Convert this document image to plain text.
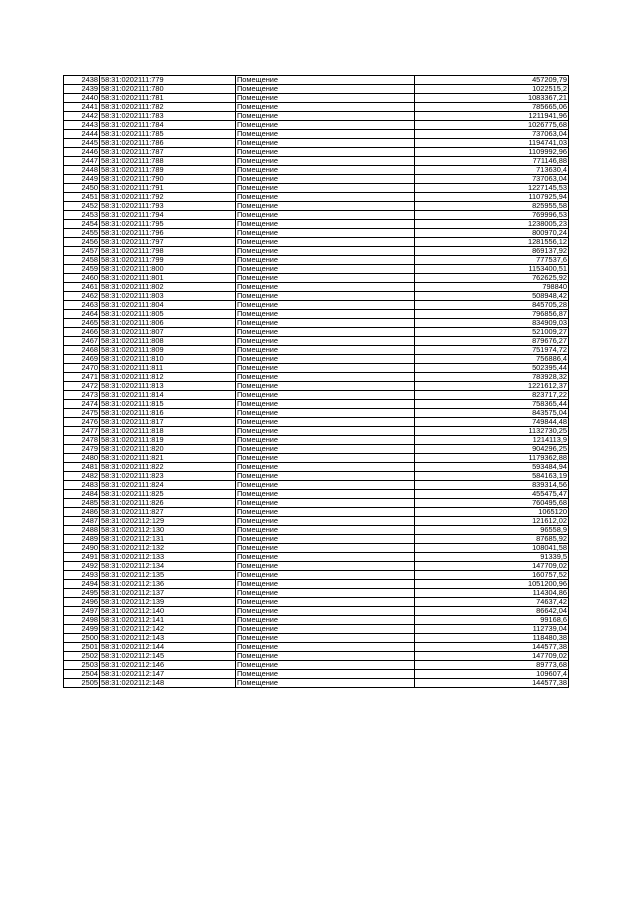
2438	58:31:0202111:779	Помещение	457209,79
2439	58:31:0202111:780	Помещение	1022515,2
2440	58:31:0202111:781	Помещение	1083367,21
2441	58:31:0202111:782	Помещение	785665,06
2442	58:31:0202111:783	Помещение	1211941,96
2443	58:31:0202111:784	Помещение	1026775,68
2444	58:31:0202111:785	Помещение	737063,04
2445	58:31:0202111:786	Помещение	1194741,03
2446	58:31:0202111:787	Помещение	1109992,96
2447	58:31:0202111:788	Помещение	771146,88
2448	58:31:0202111:789	Помещение	713630,4
2449	58:31:0202111:790	Помещение	737063,04
2450	58:31:0202111:791	Помещение	1227145,53
2451	58:31:0202111:792	Помещение	1107925,94
2452	58:31:0202111:793	Помещение	825955,58
2453	58:31:0202111:794	Помещение	769996,53
2454	58:31:0202111:795	Помещение	1238005,23
2455	58:31:0202111:796	Помещение	800970,24
2456	58:31:0202111:797	Помещение	1281556,12
2457	58:31:0202111:798	Помещение	869137,92
2458	58:31:0202111:799	Помещение	777537,6
2459	58:31:0202111:800	Помещение	1153400,51
2460	58:31:0202111:801	Помещение	762625,92
2461	58:31:0202111:802	Помещение	798840
2462	58:31:0202111:803	Помещение	508948,42
2463	58:31:0202111:804	Помещение	845705,28
2464	58:31:0202111:805	Помещение	796856,87
2465	58:31:0202111:806	Помещение	834909,03
2466	58:31:0202111:807	Помещение	521009,27
2467	58:31:0202111:808	Помещение	879676,27
2468	58:31:0202111:809	Помещение	751974,72
2469	58:31:0202111:810	Помещение	756886,4
2470	58:31:0202111:811	Помещение	502395,44
2471	58:31:0202111:812	Помещение	783928,32
2472	58:31:0202111:813	Помещение	1221612,37
2473	58:31:0202111:814	Помещение	823717,22
2474	58:31:0202111:815	Помещение	758365,44
2475	58:31:0202111:816	Помещение	843575,04
2476	58:31:0202111:817	Помещение	749844,48
2477	58:31:0202111:818	Помещение	1132730,25
2478	58:31:0202111:819	Помещение	1214113,9
2479	58:31:0202111:820	Помещение	904296,25
2480	58:31:0202111:821	Помещение	1179362,88
2481	58:31:0202111:822	Помещение	593484,94
2482	58:31:0202111:823	Помещение	584163,19
2483	58:31:0202111:824	Помещение	839314,56
2484	58:31:0202111:825	Помещение	455475,47
2485	58:31:0202111:826	Помещение	760495,68
2486	58:31:0202111:827	Помещение	1065120
2487	58:31:0202112:129	Помещение	121612,02
2488	58:31:0202112:130	Помещение	96558,9
2489	58:31:0202112:131	Помещение	87685,92
2490	58:31:0202112:132	Помещение	108041,58
2491	58:31:0202112:133	Помещение	91339,5
2492	58:31:0202112:134	Помещение	147709,02
2493	58:31:0202112:135	Помещение	160757,52
2494	58:31:0202112:136	Помещение	1051200,96
2495	58:31:0202112:137	Помещение	114304,86
2496	58:31:0202112:139	Помещение	74637,42
2497	58:31:0202112:140	Помещение	86642,04
2498	58:31:0202112:141	Помещение	99168,6
2499	58:31:0202112:142	Помещение	112739,04
2500	58:31:0202112:143	Помещение	118480,38
2501	58:31:0202112:144	Помещение	144577,38
2502	58:31:0202112:145	Помещение	147709,02
2503	58:31:0202112:146	Помещение	89773,68
2504	58:31:0202112:147	Помещение	109607,4
2505	58:31:0202112:148	Помещение	144577,38
